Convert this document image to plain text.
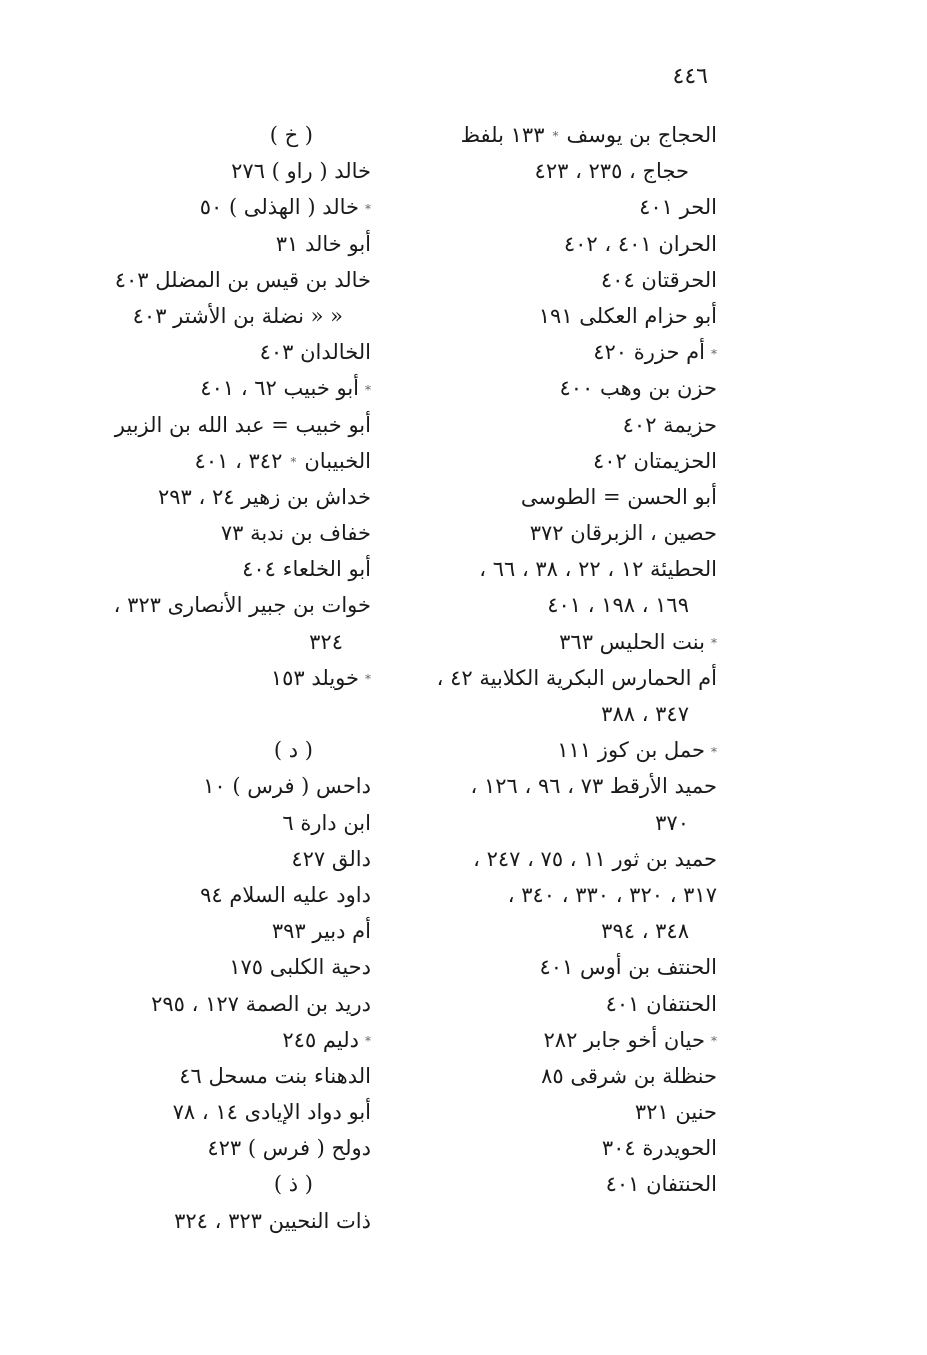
٤٤٦
الحجاج بن يوسف*١٣٣ بلفظ
حجاج ، ٢٣٥ ، ٤٢٣
الحر ٤٠١
الحران ٤٠١ ، ٤٠٢
الحرقتان ٤٠٤
أبو حزام العكلى ١٩١
*أم حزرة ٤٢٠
حزن بن وهب ٤٠٠
حزيمة ٤٠٢
الحزيمتان ٤٠٢
أبو الحسن = الطوسى
حصين ، الزبرقان ٣٧٢
الحطيئة ١٢ ، ٢٢ ، ٣٨ ، ٦٦ ،
١٦٩ ، ١٩٨ ، ٤٠١
*بنت الحليس ٣٦٣
أم الحمارس البكرية الكلابية ٤٢ ،
٣٤٧ ، ٣٨٨
*حمل بن كوز ١١١
حميد الأرقط ٧٣ ، ٩٦ ، ١٢٦ ،
٣٧٠
حميد بن ثور ١١ ، ٧٥ ، ٢٤٧ ،
٣١٧ ، ٣٢٠ ، ٣٣٠ ، ٣٤٠ ،
٣٤٨ ، ٣٩٤
الحنتف بن أوس ٤٠١
الحنتفان ٤٠١
*حيان أخو جابر ٢٨٢
حنظلة بن شرقى ٨٥
حنين ٣٢١
الحويدرة ٣٠٤
الحنتفان ٤٠١
( خ )
خالد ( راو ) ٢٧٦
*خالد ( الهذلى ) ٥٠
أبو خالد ٣١
خالد بن قيس بن المضلل ٤٠٣
« « نضلة بن الأشتر ٤٠٣
الخالدان ٤٠٣
*أبو خبيب ٦٢ ، ٤٠١
أبو خبيب = عبد الله بن الزبير
الخبيبان*٣٤٢ ، ٤٠١
خداش بن زهير ٢٤ ، ٢٩٣
خفاف بن ندبة ٧٣
أبو الخلعاء ٤٠٤
خوات بن جبير الأنصارى ٣٢٣ ،
٣٢٤
*خويلد ١٥٣
( د )
داحس ( فرس ) ١٠
ابن دارة ٦
دالق ٤٢٧
داود عليه السلام ٩٤
أم دبير ٣٩٣
دحية الكلبى ١٧٥
دريد بن الصمة ١٢٧ ، ٢٩٥
*دليم ٢٤٥
الدهناء بنت مسحل ٤٦
أبو دواد الإيادى ١٤ ، ٧٨
دولح ( فرس ) ٤٢٣
( ذ )
ذات النحيين ٣٢٣ ، ٣٢٤
